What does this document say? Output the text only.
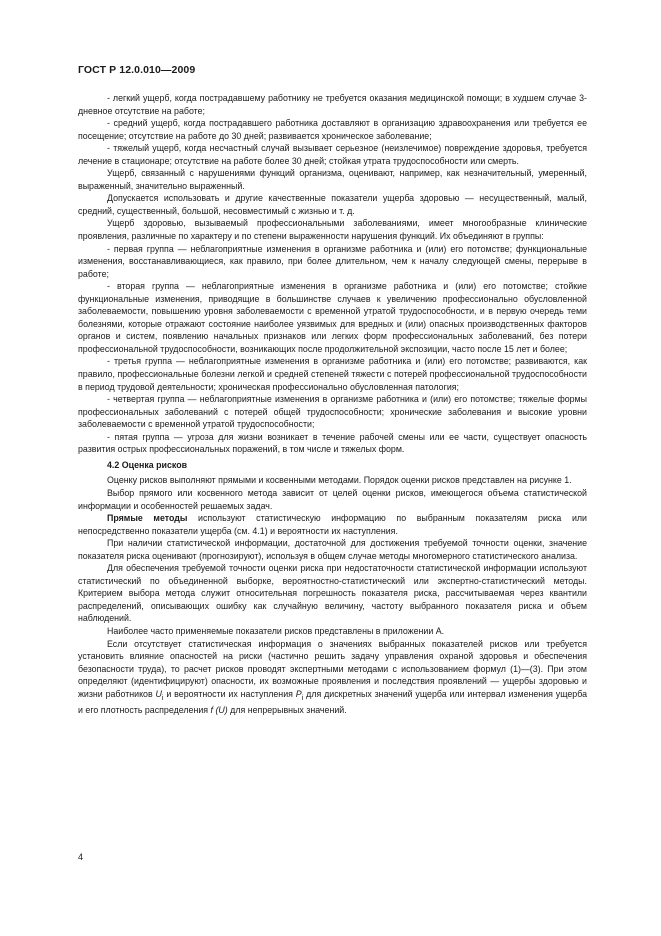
ГОСТ Р 12.0.010—2009

- легкий ущерб, когда пострадавшему работнику не требуется оказания медицинской помощи; в худшем случае 3-дневное отсутствие на работе;

- средний ущерб, когда пострадавшего работника доставляют в организацию здравоохранения или требуется ее посещение; отсутствие на работе до 30 дней; развивается хроническое заболевание;

- тяжелый ущерб, когда несчастный случай вызывает серьезное (неизлечимое) повреждение здоровья, требуется лечение в стационаре; отсутствие на работе более 30 дней; стойкая утрата трудоспособности или смерть.

Ущерб, связанный с нарушениями функций организма, оценивают, например, как незначительный, умеренный, выраженный, значительно выраженный.

Допускается использовать и другие качественные показатели ущерба здоровью — несущественный, малый, средний, существенный, большой, несовместимый с жизнью и т. д.

Ущерб здоровью, вызываемый профессиональными заболеваниями, имеет многообразные клинические проявления, различные по характеру и по степени выраженности нарушения функций. Их объединяют в группы:

- первая группа — неблагоприятные изменения в организме работника и (или) его потомстве; функциональные изменения, восстанавливающиеся, как правило, при более длительном, чем к началу следующей смены, перерыве в работе;

- вторая группа — неблагоприятные изменения в организме работника и (или) его потомстве; стойкие функциональные изменения, приводящие в большинстве случаев к увеличению профессионально обусловленной заболеваемости, повышению уровня заболеваемости с временной утратой трудоспособности, и в первую очередь теми болезнями, которые отражают состояние наиболее уязвимых для вредных и (или) опасных производственных факторов органов и систем, появлению начальных признаков или легких форм профессиональных заболеваний, без потери профессиональной трудоспособности, возникающих после продолжительной экспозиции, часто после 15 лет и более;

- третья группа — неблагоприятные изменения в организме работника и (или) его потомстве; развиваются, как правило, профессиональные болезни легкой и средней степеней тяжести с потерей профессиональной трудоспособности в период трудовой деятельности; хроническая профессионально обусловленная патология;

- четвертая группа — неблагоприятные изменения в организме работника и (или) его потомстве; тяжелые формы профессиональных заболеваний с потерей общей трудоспособности; хронические заболевания и высокие уровни заболеваемости с временной утратой трудоспособности;

- пятая группа — угроза для жизни возникает в течение рабочей смены или ее части, существует опасность развития острых профессиональных поражений, в том числе и тяжелых форм.

4.2 Оценка рисков

Оценку рисков выполняют прямыми и косвенными методами. Порядок оценки рисков представлен на рисунке 1.

Выбор прямого или косвенного метода зависит от целей оценки рисков, имеющегося объема статистической информации и особенностей решаемых задач.

Прямые методы используют статистическую информацию по выбранным показателям риска или непосредственно показатели ущерба (см. 4.1) и вероятности их наступления.

При наличии статистической информации, достаточной для достижения требуемой точности оценки, значение показателя риска оценивают (прогнозируют), используя в общем случае методы многомерного статистического анализа.

Для обеспечения требуемой точности оценки риска при недостаточности статистической информации используют статистический по объединенной выборке, вероятностно-статистический или экспертно-статистический методы. Критерием выбора метода служит относительная погрешность показателя риска, рассчитываемая через квантили распределений, описывающих ошибку как случайную величину, частоту выбранного показателя риска и объем наблюдений.

Наиболее часто применяемые показатели рисков представлены в приложении А.

Если отсутствует статистическая информация о значениях выбранных показателей рисков или требуется установить влияние опасностей на риски (частично решить задачу управления охраной здоровья и обеспечения безопасности труда), то расчет рисков проводят экспертными методами с использованием формул (1)—(3). При этом определяют (идентифицируют) опасности, их возможные проявления и последствия проявлений — ущербы здоровью и жизни работников $U_i$ и вероятности их наступления $P_i$ для дискретных значений ущерба или интервал изменения ущерба и его плотность распределения f (U) для непрерывных значений.

4
